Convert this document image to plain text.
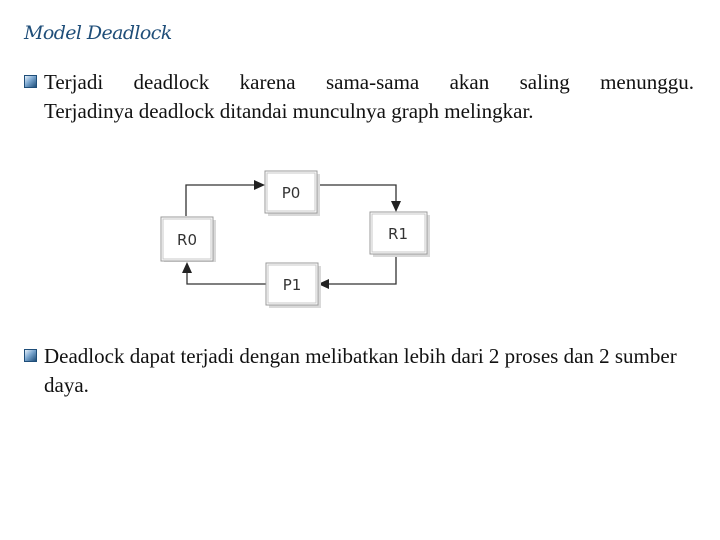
Model Deadlock
Terjadi deadlock karena sama-sama akan saling menunggu.
Terjadinya deadlock ditandai munculnya graph melingkar.
P0
R1
R0
P1
Deadlock dapat terjadi dengan melibatkan lebih dari 2 proses dan 2 sumber daya.
